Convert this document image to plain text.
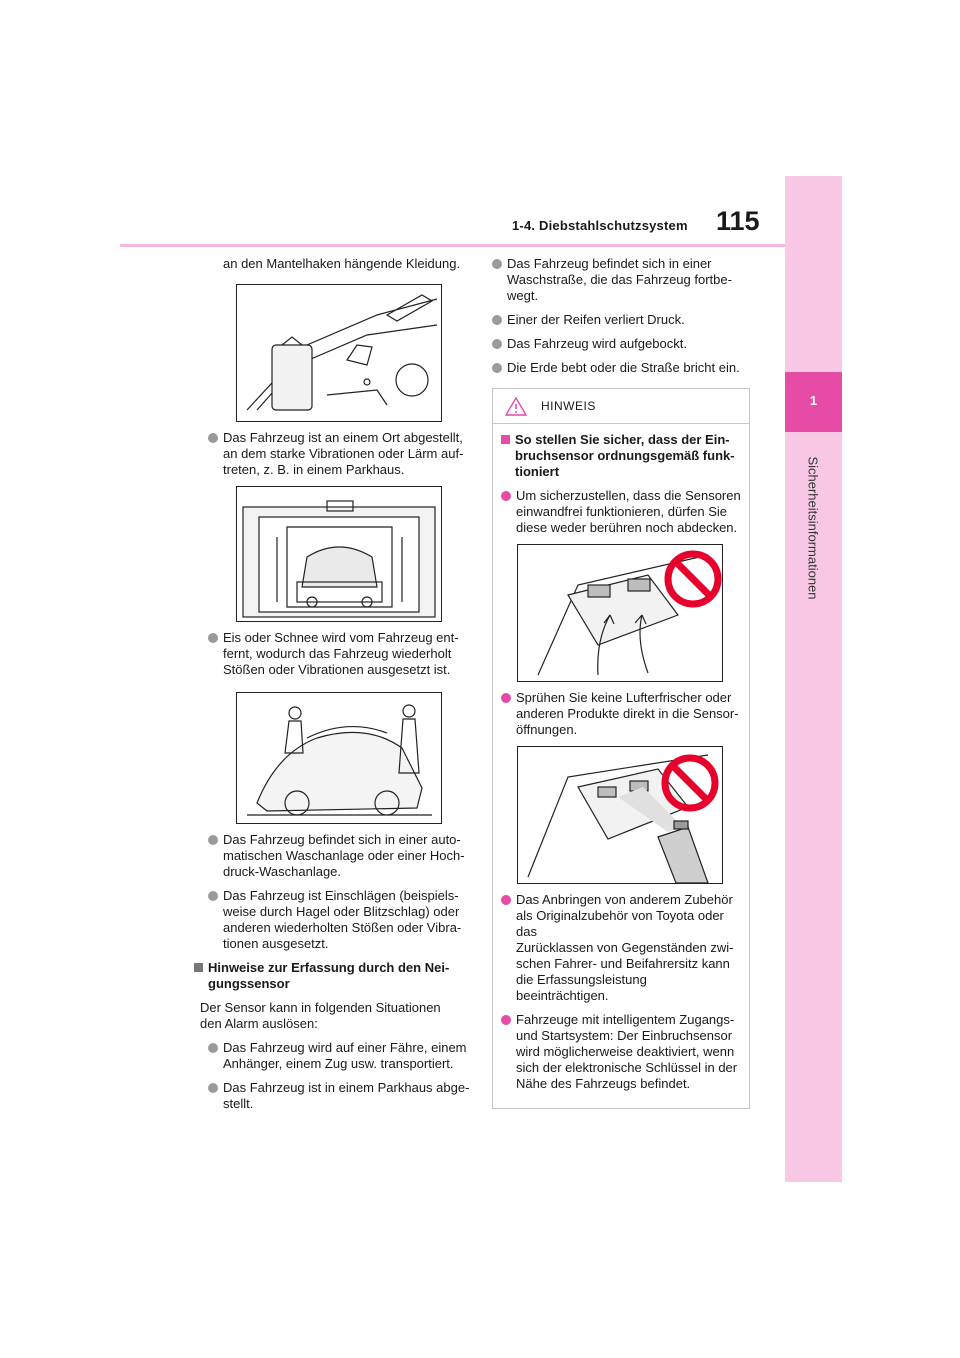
1-4. Diebstahlschutzsystem 115
1
Sicherheitsinformationen

an den Mantelhaken hängende Kleidung.

Das Fahrzeug ist an einem Ort abgestellt,
an dem starke Vibrationen oder Lärm auf-
treten, z. B. in einem Parkhaus.
Eis oder Schnee wird vom Fahrzeug ent-
fernt, wodurch das Fahrzeug wiederholt
Stößen oder Vibrationen ausgesetzt ist.
Das Fahrzeug befindet sich in einer auto-
matischen Waschanlage oder einer Hoch-
druck-Waschanlage.
Das Fahrzeug ist Einschlägen (beispiels-
weise durch Hagel oder Blitzschlag) oder
anderen wiederholten Stößen oder Vibra-
tionen ausgesetzt.
Hinweise zur Erfassung durch den Nei-
gungssensor
Der Sensor kann in folgenden Situationen
den Alarm auslösen:
Das Fahrzeug wird auf einer Fähre, einem
Anhänger, einem Zug usw. transportiert.
Das Fahrzeug ist in einem Parkhaus abge-
stellt.
Das Fahrzeug befindet sich in einer
Waschstraße, die das Fahrzeug fortbe-
wegt.
Einer der Reifen verliert Druck.
Das Fahrzeug wird aufgebockt.
Die Erde bebt oder die Straße bricht ein.
HINWEIS
So stellen Sie sicher, dass der Ein-
bruchsensor ordnungsgemäß funk-
tioniert
Um sicherzustellen, dass die Sensoren
einwandfrei funktionieren, dürfen Sie
diese weder berühren noch abdecken.
Sprühen Sie keine Lufterfrischer oder
anderen Produkte direkt in die Sensor-
öffnungen.
Das Anbringen von anderem Zubehör
als Originalzubehör von Toyota oder das
Zurücklassen von Gegenständen zwi-
schen Fahrer- und Beifahrersitz kann
die Erfassungsleistung beeinträchtigen.
Fahrzeuge mit intelligentem Zugangs-
und Startsystem: Der Einbruchsensor
wird möglicherweise deaktiviert, wenn
sich der elektronische Schlüssel in der
Nähe des Fahrzeugs befindet.
